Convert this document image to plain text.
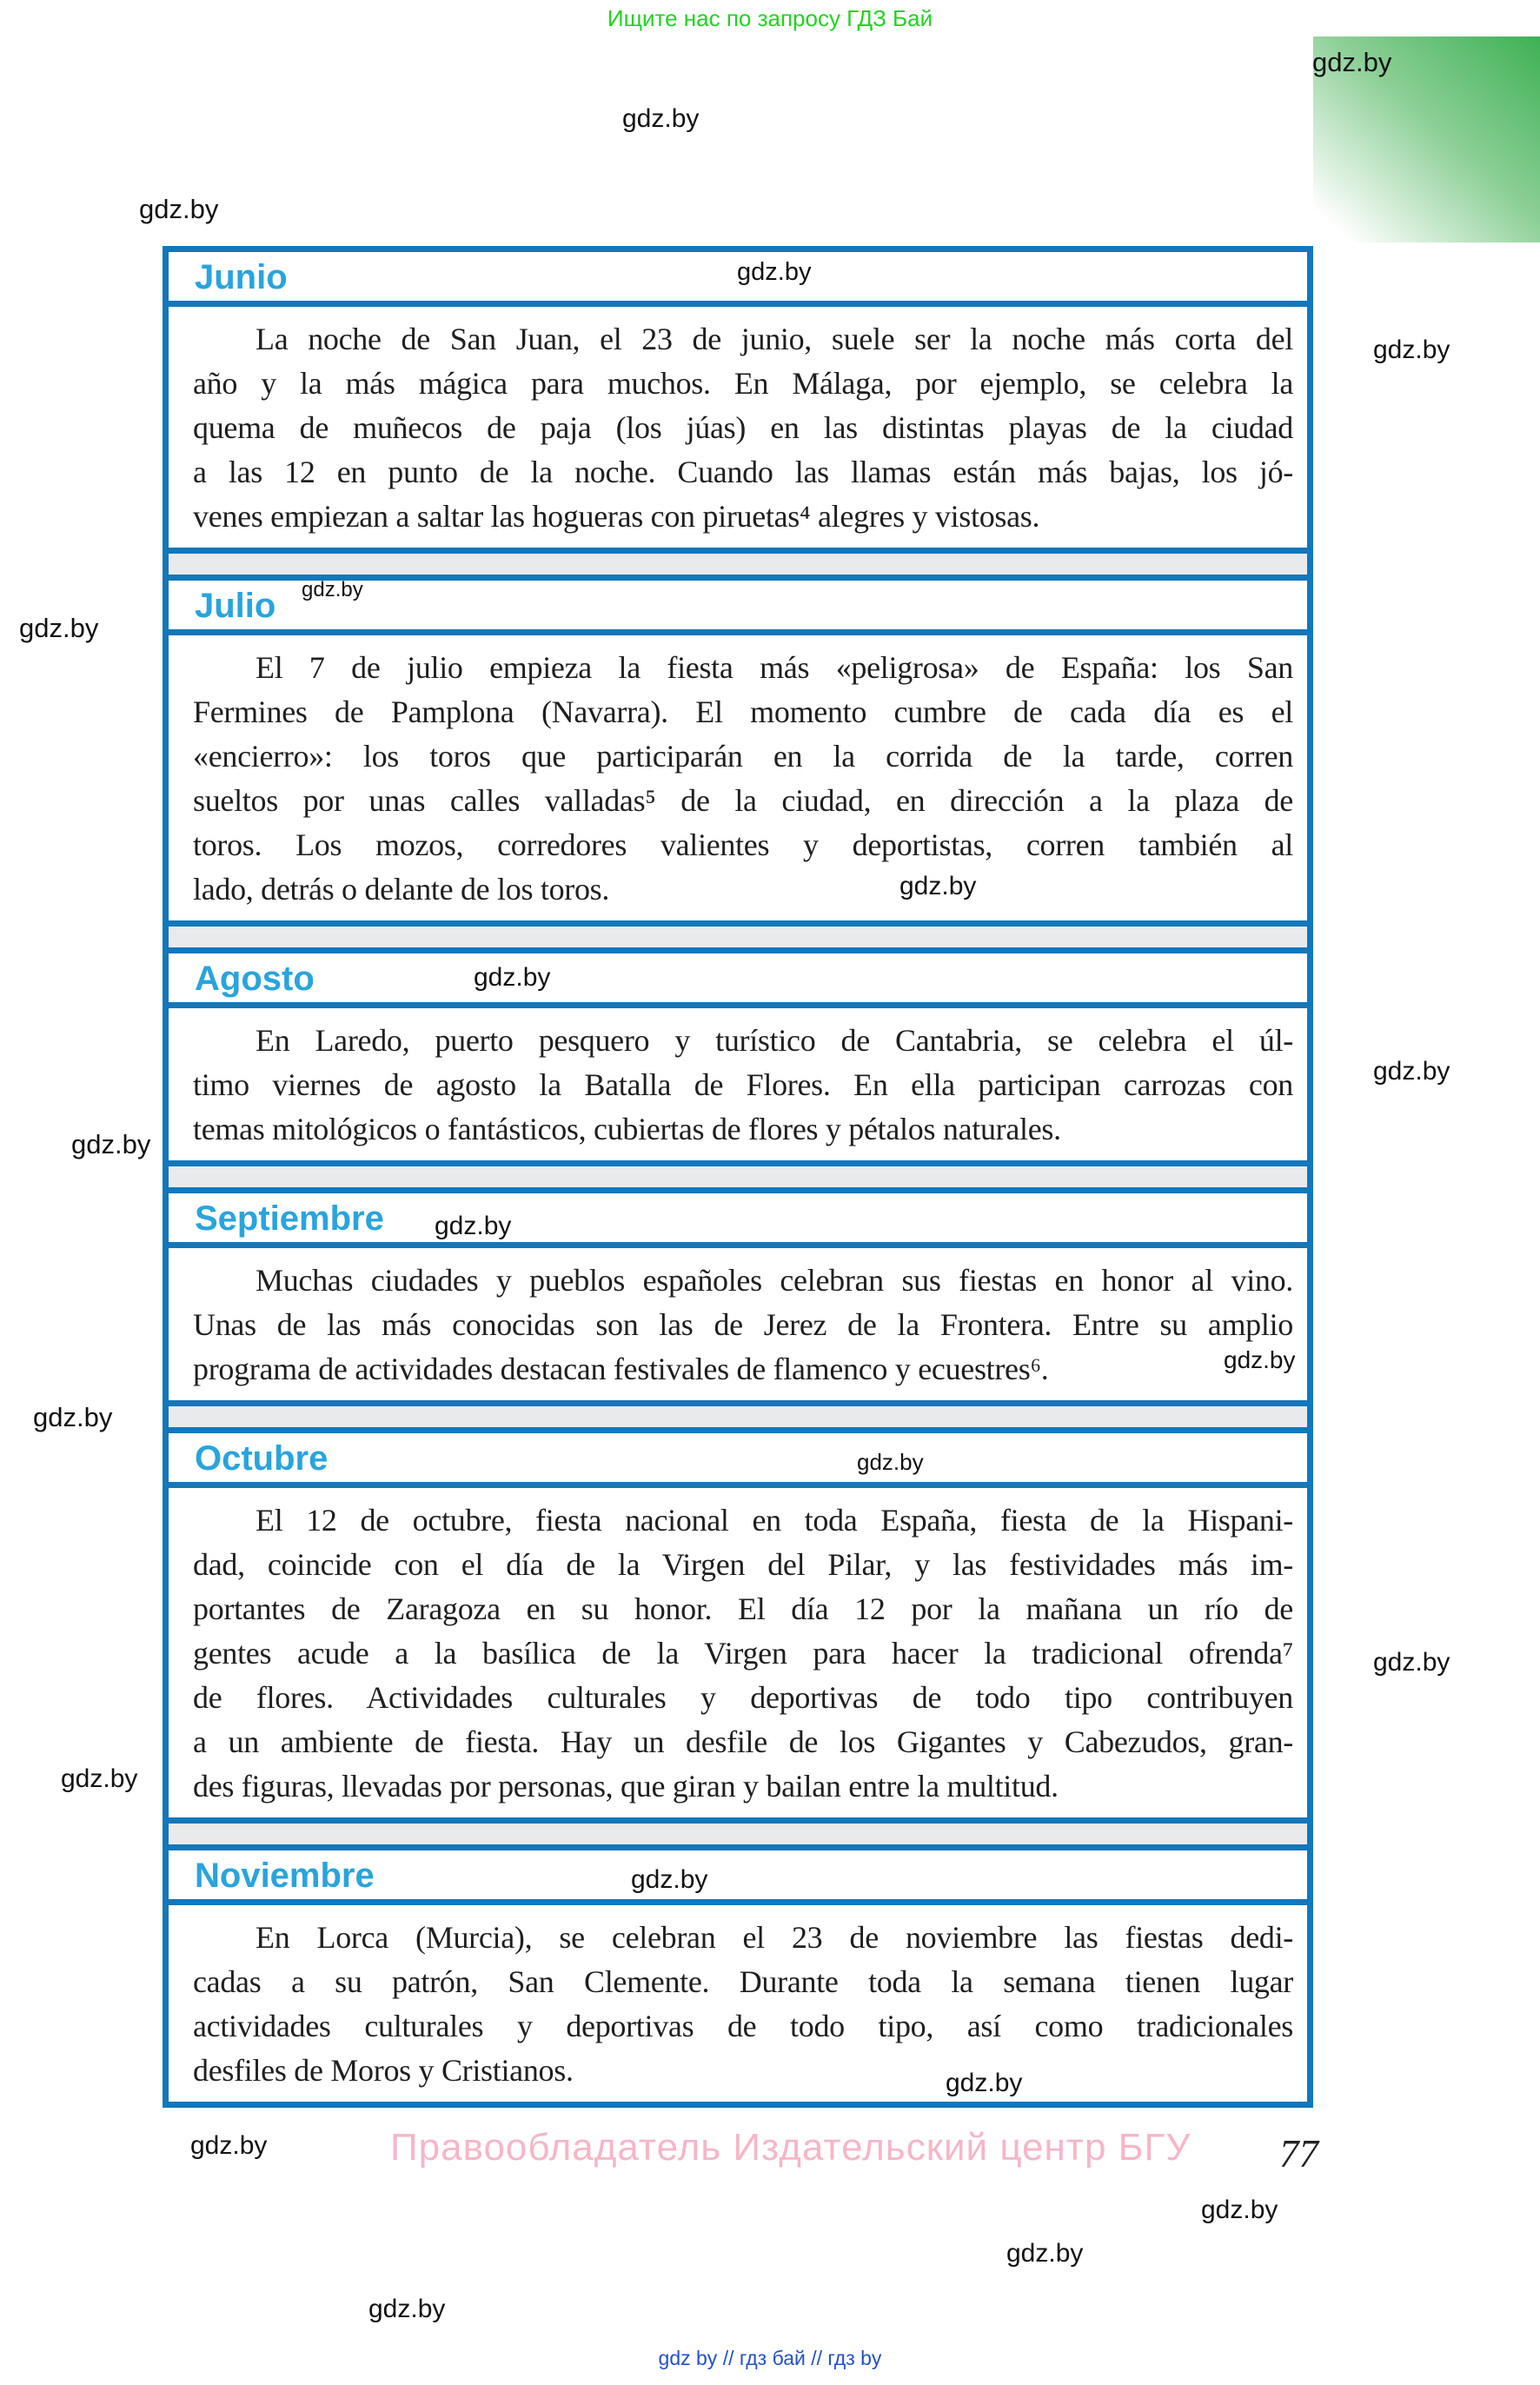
Ищите нас по запросу ГДЗ Бай
Junio
La noche de San Juan, el 23 de junio, suele ser la noche más corta del
año y la más mágica para muchos. En Málaga, por ejemplo, se celebra la
quema de muñecos de paja (los júas) en las distintas playas de la ciudad
a las 12 en punto de la noche. Cuando las llamas están más bajas, los jó-
venes empiezan a saltar las hogueras con piruetas⁴ alegres y vistosas.
Julio
El 7 de julio empieza la fiesta más «peligrosa» de España: los San
Fermines de Pamplona (Navarra). El momento cumbre de cada día es el
«encierro»: los toros que participarán en la corrida de la tarde, corren
sueltos por unas calles valladas⁵ de la ciudad, en dirección a la plaza de
toros. Los mozos, corredores valientes y deportistas, corren también al
lado, detrás o delante de los toros.
Agosto
En Laredo, puerto pesquero y turístico de Cantabria, se celebra el úl-
timo viernes de agosto la Batalla de Flores. En ella participan carrozas con
temas mitológicos o fantásticos, cubiertas de flores y pétalos naturales.
Septiembre
Muchas ciudades y pueblos españoles celebran sus fiestas en honor al vino.
Unas de las más conocidas son las de Jerez de la Frontera. Entre su amplio
programa de actividades destacan festivales de flamenco y ecuestres⁶.
Octubre
El 12 de octubre, fiesta nacional en toda España, fiesta de la Hispani-
dad, coincide con el día de la Virgen del Pilar, y las festividades más im-
portantes de Zaragoza en su honor. El día 12 por la mañana un río de
gentes acude a la basílica de la Virgen para hacer la tradicional ofrenda⁷
de flores. Actividades culturales y deportivas de todo tipo contribuyen
a un ambiente de fiesta. Hay un desfile de los Gigantes y Cabezudos, gran-
des figuras, llevadas por personas, que giran y bailan entre la multitud.
Noviembre
En Lorca (Murcia), se celebran el 23 de noviembre las fiestas dedi-
cadas a su patrón, San Clemente. Durante toda la semana tienen lugar
actividades culturales y deportivas de todo tipo, así como tradicionales
desfiles de Moros y Cristianos.
gdz.by
gdz.by
gdz.by
gdz.by
gdz.by
gdz.by
gdz.by
gdz.by
gdz.by
gdz.by
gdz.by
gdz.by
gdz.by
gdz.by
gdz.by
gdz.by
gdz.by
gdz.by
gdz.by
gdz.by
gdz.by
gdz.by
gdz.by
Правообладатель Издательский центр БГУ 77
gdz by // гдз бай // гдз by
